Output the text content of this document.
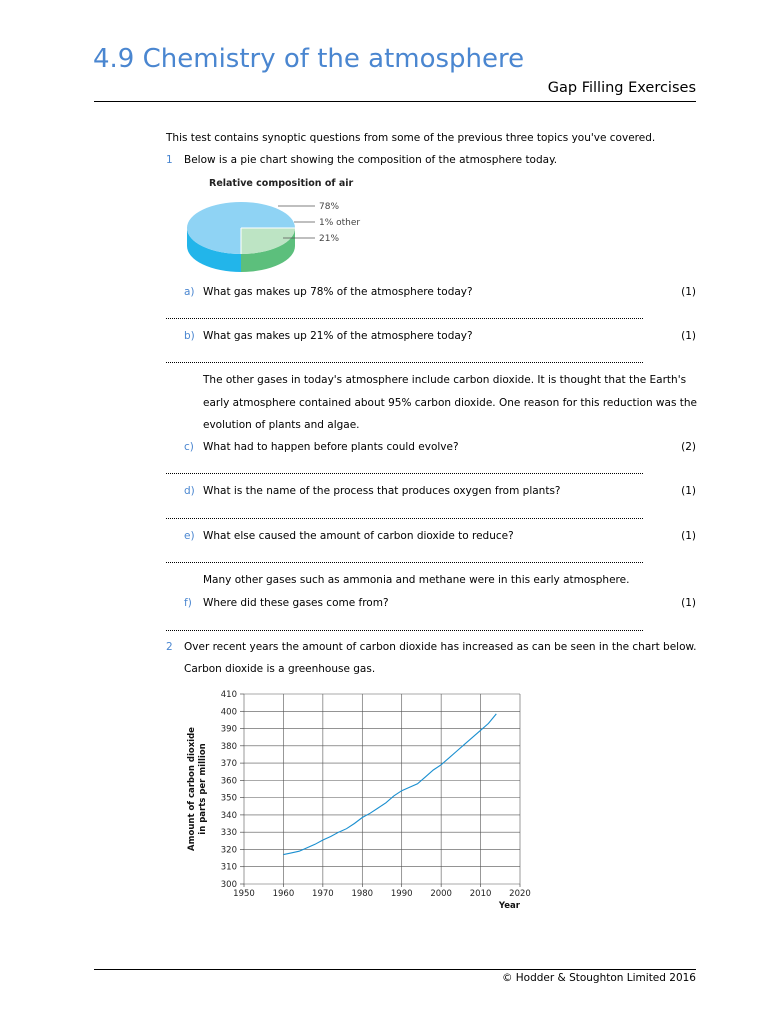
4.9 Chemistry of the atmosphere
Gap Filling Exercises
This test contains synoptic questions from some of the previous three topics you've covered.
1 Below is a pie chart showing the composition of the atmosphere today.
Relative composition of air
78%
1% other
21%
a) What gas makes up 78% of the atmosphere today?	(1)
b) What gas makes up 21% of the atmosphere today?	(1)
The other gases in today's atmosphere include carbon dioxide. It is thought that the Earth's
early atmosphere contained about 95% carbon dioxide. One reason for this reduction was the
evolution of plants and algae.
c) What had to happen before plants could evolve?	(2)
d) What is the name of the process that produces oxygen from plants?	(1)
e) What else caused the amount of carbon dioxide to reduce?	(1)
Many other gases such as ammonia and methane were in this early atmosphere.
f) Where did these gases come from?	(1)
2 Over recent years the amount of carbon dioxide has increased as can be seen in the chart below.
Carbon dioxide is a greenhouse gas.
1950 1960 1970 1980 1990 2000 2010 2020
300
310
320
330
340
350
360
370
380
390
400
410
Year
Amount of carbon dioxide in parts per million
© Hodder & Stoughton Limited 2016
